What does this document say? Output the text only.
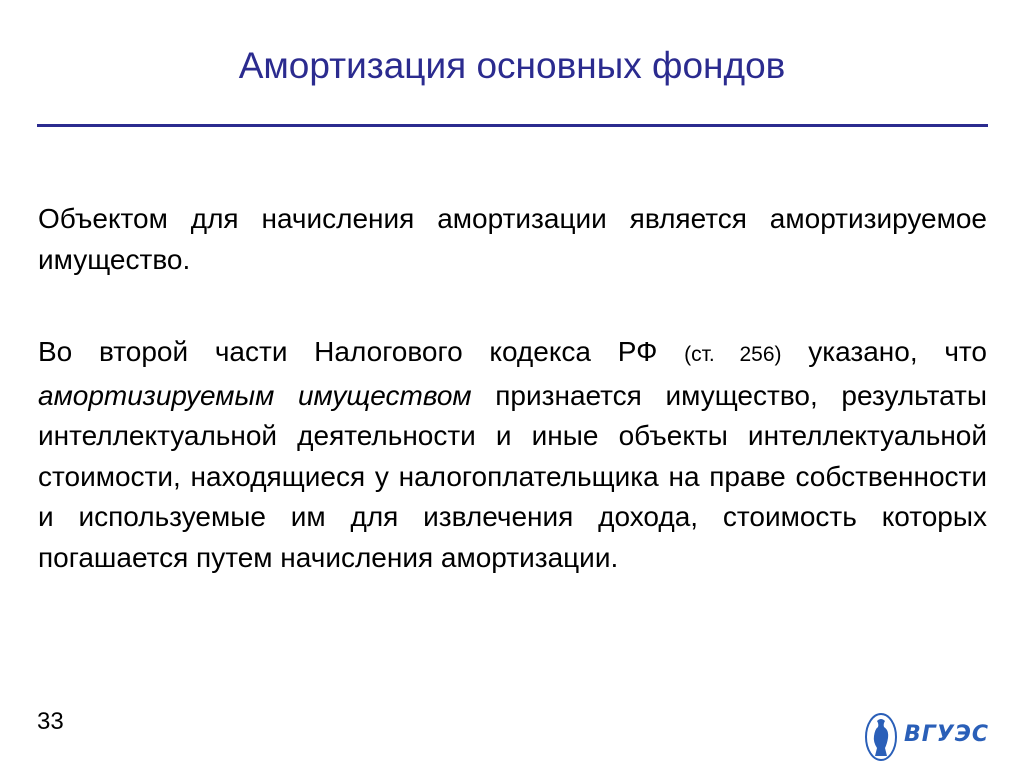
Амортизация основных фондов

Объектом для начисления амортизации является амортизируемое имущество.

Во второй части Налогового кодекса РФ (ст. 256) указано, что амортизируемым имуществом признается имущество, результаты интеллектуальной деятельности и иные объекты интеллектуальной стоимости, находящиеся у налогоплательщика на праве собственности и используемые им для извлечения дохода, стоимость которых погашается путем начисления амортизации.

33	ВГУЭС
